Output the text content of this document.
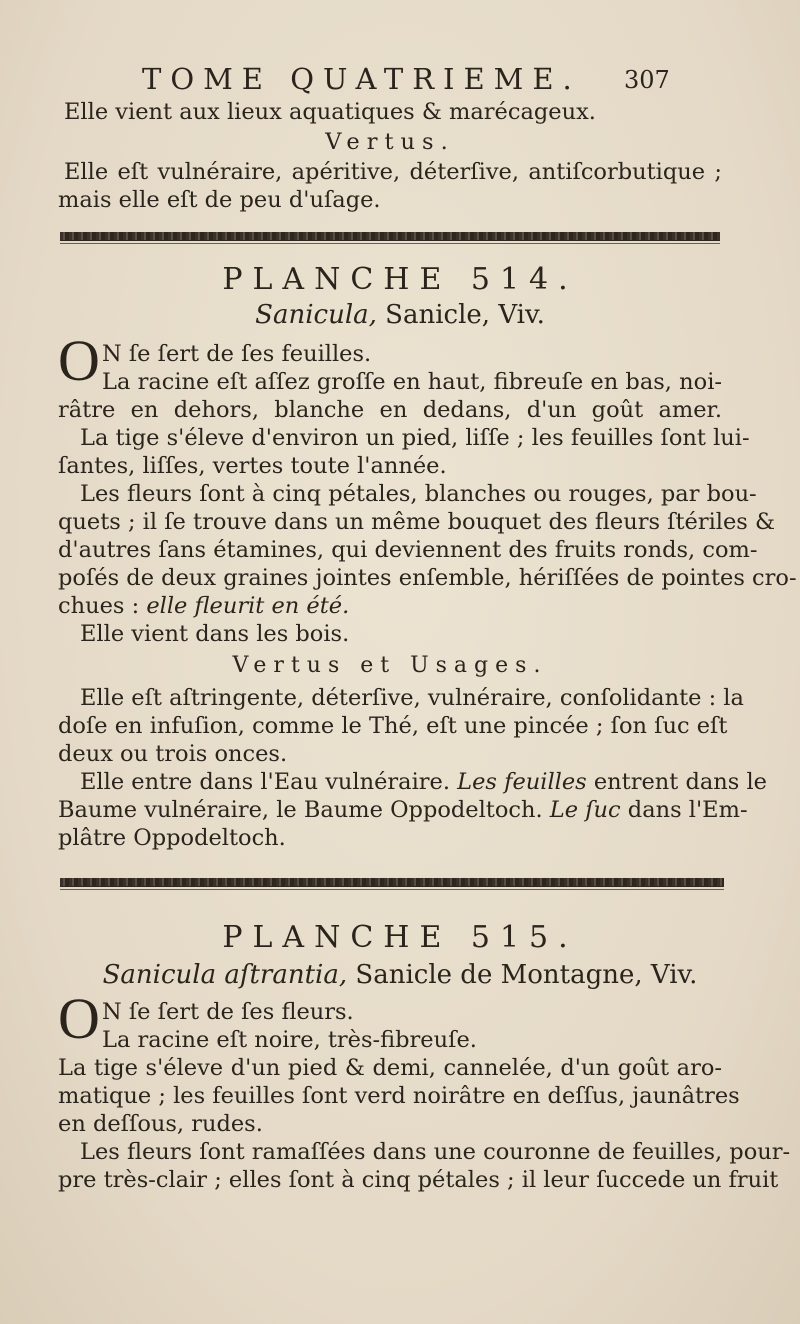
TOME QUATRIEME. 307
Elle vient aux lieux aquatiques & marécageux.
Vertus.
Elle eſt vulnéraire, apéritive, déterſive, antiſcorbutique ;
mais elle eſt de peu d'uſage.
PLANCHE 514.
Sanicula, Sanicle, Viv.
O N ſe ſert de ſes feuilles.
La racine eſt aſſez groſſe en haut, fibreuſe en bas, noi-
râtre en dehors, blanche en dedans, d'un goût amer.
La tige s'éleve d'environ un pied, liſſe ; les feuilles ſont lui-
ſantes, liſſes, vertes toute l'année.
Les fleurs ſont à cinq pétales, blanches ou rouges, par bou-
quets ; il ſe trouve dans un même bouquet des fleurs ſtériles &
d'autres ſans étamines, qui deviennent des fruits ronds, com-
poſés de deux graines jointes enſemble, hériſſées de pointes cro-
chues : elle fleurit en été.
Elle vient dans les bois.
Vertus et Usages.
Elle eſt aſtringente, déterſive, vulnéraire, conſolidante : la
doſe en infuſion, comme le Thé, eſt une pincée ; ſon ſuc eſt
deux ou trois onces.
Elle entre dans l'Eau vulnéraire. Les feuilles entrent dans le
Baume vulnéraire, le Baume Oppodeltoch. Le ſuc dans l'Em-
plâtre Oppodeltoch.
PLANCHE 515.
Sanicula aſtrantia, Sanicle de Montagne, Viv.
O N ſe ſert de ſes fleurs.
La racine eſt noire, très-fibreuſe.
La tige s'éleve d'un pied & demi, cannelée, d'un goût aro-
matique ; les feuilles ſont verd noirâtre en deſſus, jaunâtres
en deſſous, rudes.
Les fleurs ſont ramaſſées dans une couronne de feuilles, pour-
pre très-clair ; elles ſont à cinq pétales ; il leur ſuccede un fruit
